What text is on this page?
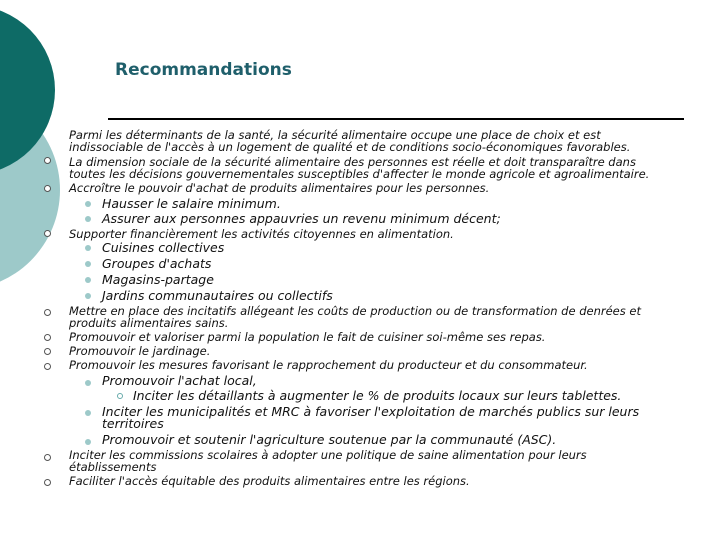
Recommandations
Parmi les déterminants de la santé, la sécurité alimentaire occupe une place de choix et est
indissociable de l'accès à un logement de qualité et de conditions socio-économiques favorables.
La dimension sociale de la sécurité alimentaire des personnes est réelle et doit transparaître dans
toutes les décisions gouvernementales susceptibles d'affecter le monde agricole et agroalimentaire.
Accroître le pouvoir d'achat de produits alimentaires pour les personnes.
Hausser le salaire minimum.
Assurer aux personnes appauvries un revenu minimum décent;
Supporter financièrement les activités citoyennes en alimentation.
Cuisines collectives
Groupes d'achats
Magasins-partage
Jardins communautaires ou collectifs
Mettre en place des incitatifs allégeant les coûts de production ou de transformation de denrées et
produits alimentaires sains.
Promouvoir et valoriser parmi la population le fait de cuisiner soi-même ses repas.
Promouvoir le jardinage.
Promouvoir les mesures favorisant le rapprochement du producteur et du consommateur.
Promouvoir l'achat local,
Inciter les détaillants à augmenter le % de produits locaux sur leurs tablettes.
Inciter les municipalités et MRC à favoriser l'exploitation de marchés publics sur leurs
territoires
Promouvoir et soutenir l'agriculture soutenue par la communauté (ASC).
Inciter les commissions scolaires à adopter une politique de saine alimentation pour leurs
établissements
Faciliter l'accès équitable des produits alimentaires entre les régions.
